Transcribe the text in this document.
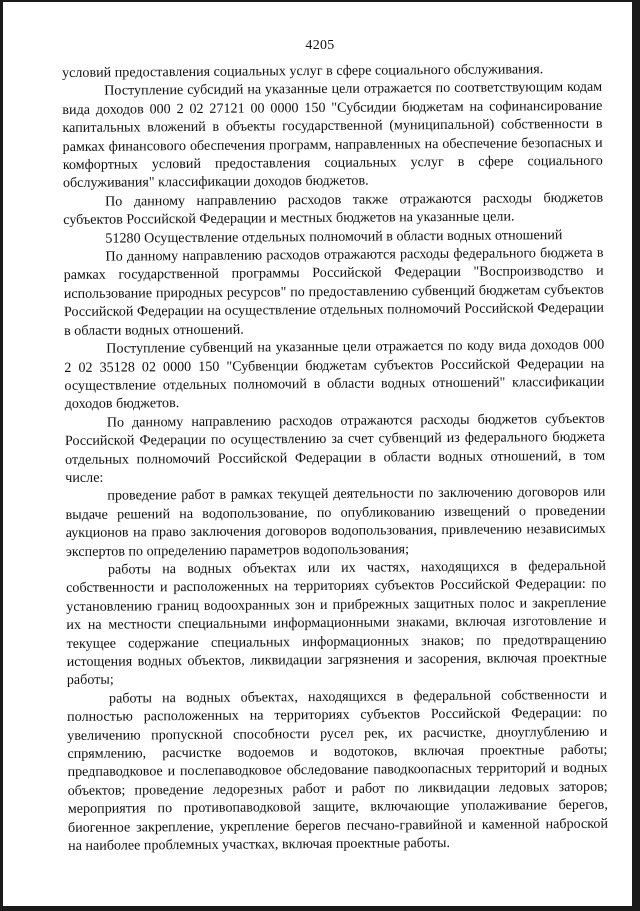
4205

условий предоставления социальных услуг в сфере социального обслуживания.

Поступление субсидий на указанные цели отражается по соответствующим кодам вида доходов 000 2 02 27121 00 0000 150 "Субсидии бюджетам на софинансирование капитальных вложений в объекты государственной (муниципальной) собственности в рамках финансового обеспечения программ, направленных на обеспечение безопасных и комфортных условий предоставления социальных услуг в сфере социального обслуживания" классификации доходов бюджетов.

По данному направлению расходов также отражаются расходы бюджетов субъектов Российской Федерации и местных бюджетов на указанные цели.

51280 Осуществление отдельных полномочий в области водных отношений

По данному направлению расходов отражаются расходы федерального бюджета в рамках государственной программы Российской Федерации "Воспроизводство и использование природных ресурсов" по предоставлению субвенций бюджетам субъектов Российской Федерации на осуществление отдельных полномочий Российской Федерации в области водных отношений.

Поступление субвенций на указанные цели отражается по коду вида доходов 000 2 02 35128 02 0000 150 "Субвенции бюджетам субъектов Российской Федерации на осуществление отдельных полномочий в области водных отношений" классификации доходов бюджетов.

По данному направлению расходов отражаются расходы бюджетов субъектов Российской Федерации по осуществлению за счет субвенций из федерального бюджета отдельных полномочий Российской Федерации в области водных отношений, в том числе:

проведение работ в рамках текущей деятельности по заключению договоров или выдаче решений на водопользование, по опубликованию извещений о проведении аукционов на право заключения договоров водопользования, привлечению независимых экспертов по определению параметров водопользования;

работы на водных объектах или их частях, находящихся в федеральной собственности и расположенных на территориях субъектов Российской Федерации: по установлению границ водоохранных зон и прибрежных защитных полос и закрепление их на местности специальными информационными знаками, включая изготовление и текущее содержание специальных информационных знаков; по предотвращению истощения водных объектов, ликвидации загрязнения и засорения, включая проектные работы;

работы на водных объектах, находящихся в федеральной собственности и полностью расположенных на территориях субъектов Российской Федерации: по увеличению пропускной способности русел рек, их расчистке, дноуглублению и спрямлению, расчистке водоемов и водотоков, включая проектные работы; предпаводковое и послепаводковое обследование паводкоопасных территорий и водных объектов; проведение ледорезных работ и работ по ликвидации ледовых заторов; мероприятия по противопаводковой защите, включающие уполаживание берегов, биогенное закрепление, укрепление берегов песчано-гравийной и каменной наброской на наиболее проблемных участках, включая проектные работы.
